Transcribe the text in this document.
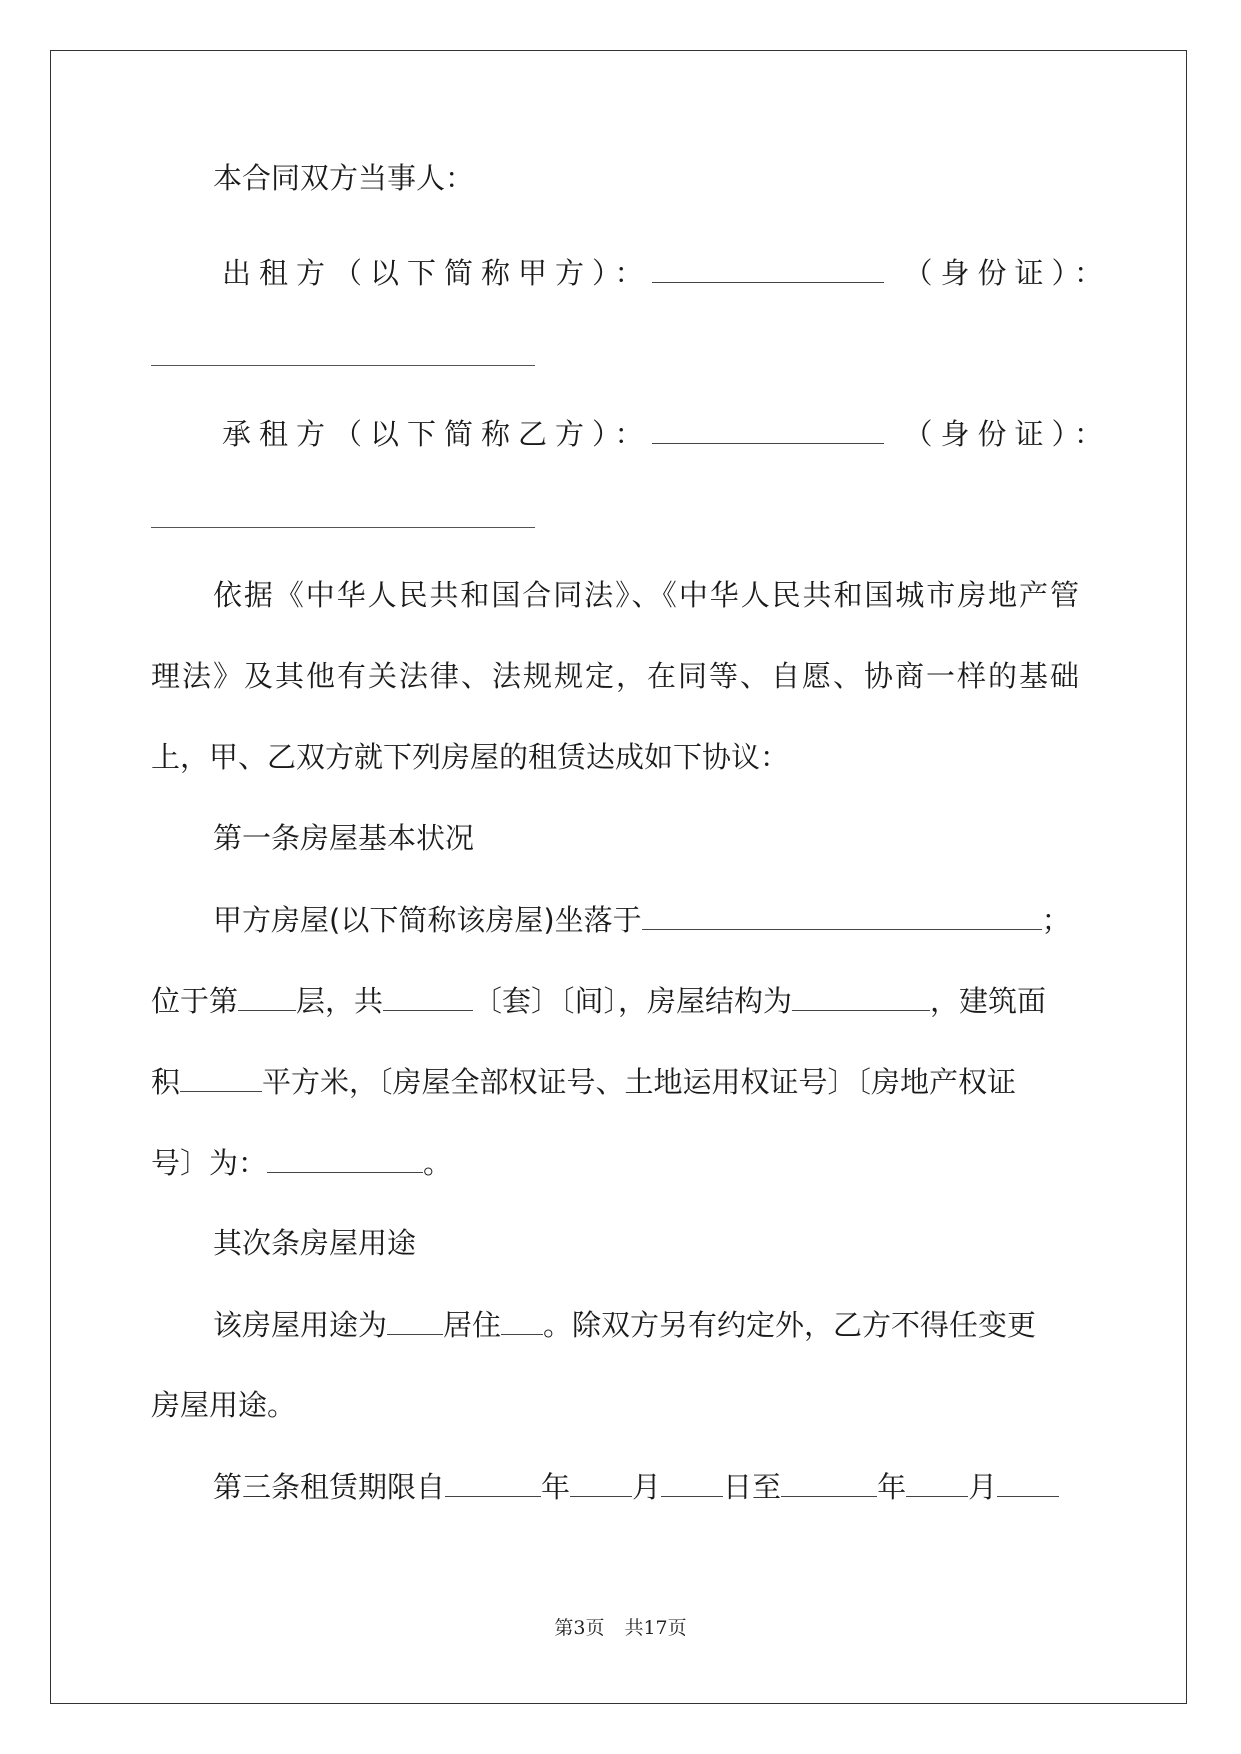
本合同双方当事人：
出租方（以下简称甲方）：	（身份证）：
承租方（以下简称乙方）：	（身份证）：
依据《中华人民共和国合同法》、《中华人民共和国城市房地产管
理法》及其他有关法律、法规规定，在同等、自愿、协商一样的基础
上，甲、乙双方就下列房屋的租赁达成如下协议：
第一条房屋基本状况
甲方房屋(以下简称该房屋)坐落于	；
位于第 层，共	〔套〕〔间〕，房屋结构为	，建筑面
积	平方米，〔房屋全部权证号、土地运用权证号〕〔房地产权证
号〕为：	。
其次条房屋用途
该房屋用途为 居住 。除双方另有约定外，乙方不得任变更
房屋用途。
第三条租赁期限自	年 月 日至	年 月
第3页 共17页
